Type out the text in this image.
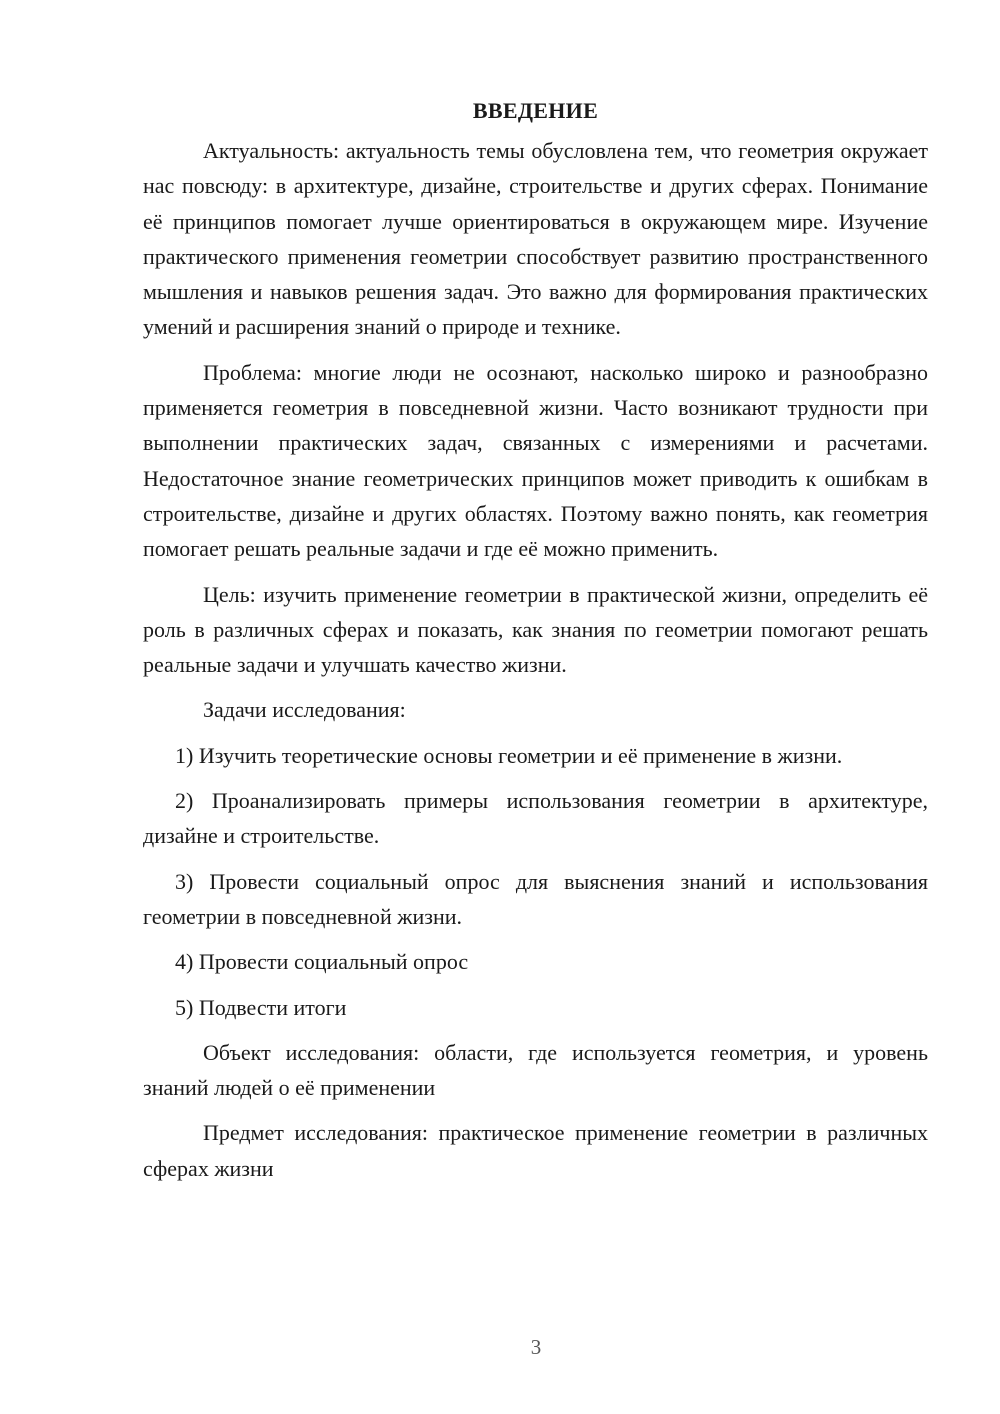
ВВЕДЕНИЕ

Актуальность: актуальность темы обусловлена тем, что геометрия окружает нас повсюду: в архитектуре, дизайне, строительстве и других сферах. Понимание её принципов помогает лучше ориентироваться в окружающем мире. Изучение практического применения геометрии способствует развитию пространственного мышления и навыков решения задач. Это важно для формирования практических умений и расширения знаний о природе и технике.

Проблема: многие люди не осознают, насколько широко и разнообразно применяется геометрия в повседневной жизни. Часто возникают трудности при выполнении практических задач, связанных с измерениями и расчетами. Недостаточное знание геометрических принципов может приводить к ошибкам в строительстве, дизайне и других областях. Поэтому важно понять, как геометрия помогает решать реальные задачи и где её можно применить.

Цель: изучить применение геометрии в практической жизни, определить её роль в различных сферах и показать, как знания по геометрии помогают решать реальные задачи и улучшать качество жизни.

Задачи исследования:

1) Изучить теоретические основы геометрии и её применение в жизни.

2) Проанализировать примеры использования геометрии в архитектуре, дизайне и строительстве.

3) Провести социальный опрос для выяснения знаний и использования геометрии в повседневной жизни.

4) Провести социальный опрос

5) Подвести итоги

Объект исследования: области, где используется геометрия, и уровень знаний людей о её применении

Предмет исследования: практическое применение геометрии в различных сферах жизни

3
